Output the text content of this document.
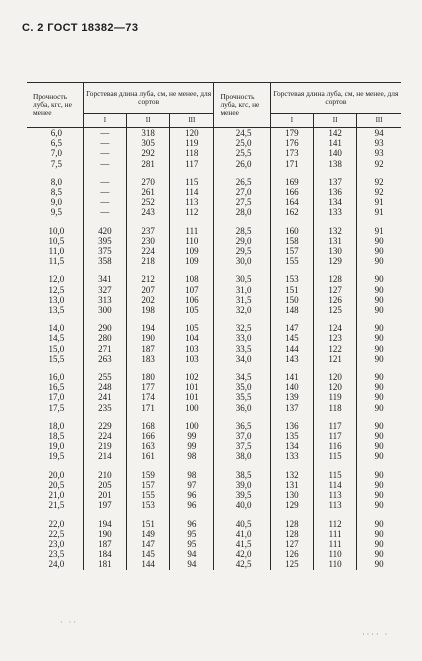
С. 2 ГОСТ 18382—73
Прочность луба, кгс, не менее	Горстевая длина луба, см, не менее, для сортов			Прочность луба, кгс, не менее	Горстевая длина луба, см, не менее, для сортов		
	I	II	III		I	II	III
6,0	—	318	120	24,5	179	142	94
6,5	—	305	119	25,0	176	141	93
7,0	—	292	118	25,5	173	140	93
7,5	—	281	117	26,0	171	138	92

8,0	—	270	115	26,5	169	137	92
8,5	—	261	114	27,0	166	136	92
9,0	—	252	113	27,5	164	134	91
9,5	—	243	112	28,0	162	133	91

10,0	420	237	111	28,5	160	132	91
10,5	395	230	110	29,0	158	131	90
11,0	375	224	109	29,5	157	130	90
11,5	358	218	109	30,0	155	129	90

12,0	341	212	108	30,5	153	128	90
12,5	327	207	107	31,0	151	127	90
13,0	313	202	106	31,5	150	126	90
13,5	300	198	105	32,0	148	125	90

14,0	290	194	105	32,5	147	124	90
14,5	280	190	104	33,0	145	123	90
15,0	271	187	103	33,5	144	122	90
15,5	263	183	103	34,0	143	121	90

16,0	255	180	102	34,5	141	120	90
16,5	248	177	101	35,0	140	120	90
17,0	241	174	101	35,5	139	119	90
17,5	235	171	100	36,0	137	118	90

18,0	229	168	100	36,5	136	117	90
18,5	224	166	99	37,0	135	117	90
19,0	219	163	99	37,5	134	116	90
19,5	214	161	98	38,0	133	115	90

20,0	210	159	98	38,5	132	115	90
20,5	205	157	97	39,0	131	114	90
21,0	201	155	96	39,5	130	113	90
21,5	197	153	96	40,0	129	113	90

22,0	194	151	96	40,5	128	112	90
22,5	190	149	95	41,0	128	111	90
23,0	187	147	95	41,5	127	111	90
23,5	184	145	94	42,0	126	110	90
24,0	181	144	94	42,5	125	110	90
·   · ·
· · · ·   ·
